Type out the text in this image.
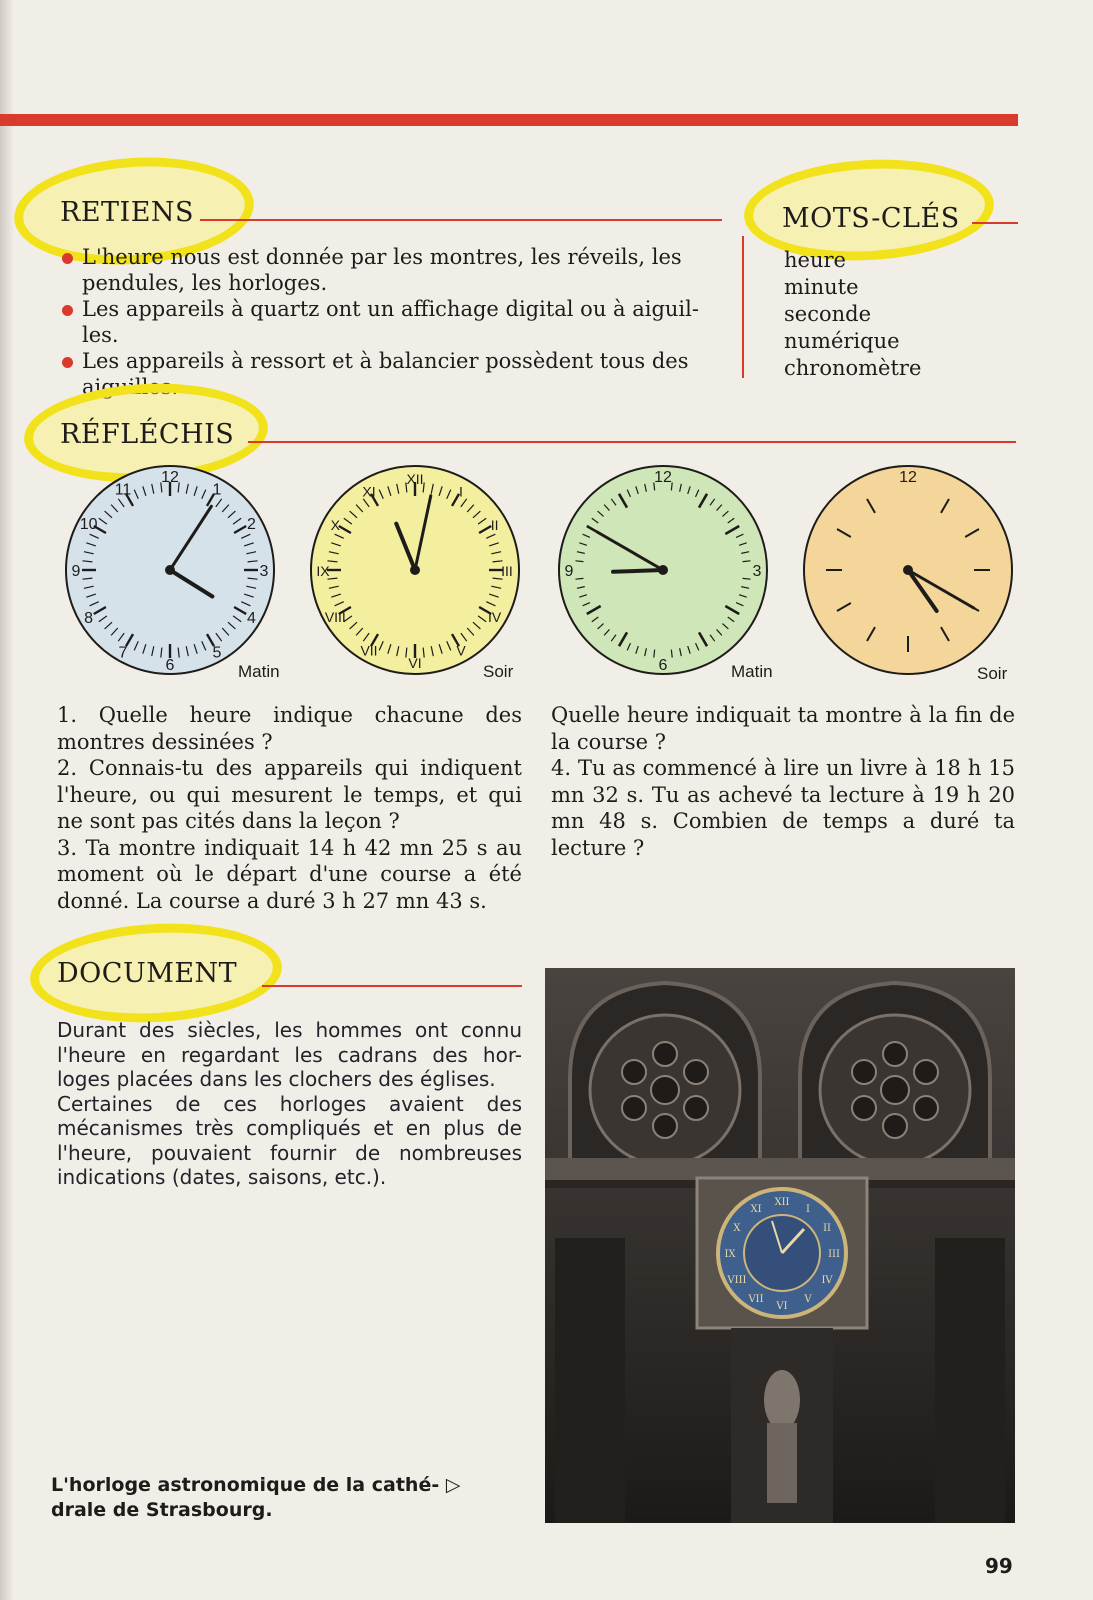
RETIENS
L'heure nous est donnée par les montres, les réveils, les pendules, les horloges.
Les appareils à quartz ont un affichage digital ou à aiguil-les.
Les appareils à ressort et à balancier possèdent tous des aiguilles.
MOTS-CLÉS
heure
minute
seconde
numérique
chronomètre
RÉFLÉCHIS
12
1
2
3
4
5
6
7
8
9
10
11
XII
I
II
III
IV
V
VI
VII
VIII
IX
X
XI
12
3
6
9
12
Matin	Soir	Matin	Soir

1. Quelle heure indique chacune des montres dessinées ?

2. Connais-tu des appareils qui indiquent l'heure, ou qui mesurent le temps, et qui ne sont pas cités dans la leçon ?

3. Ta montre indiquait 14 h 42 mn 25 s au moment où le départ d'une course a été donné. La course a duré 3 h 27 mn 43 s.

Quelle heure indiquait ta montre à la fin de la course ?

4. Tu as commencé à lire un livre à 18 h 15 mn 32 s. Tu as achevé ta lecture à 19 h 20 mn 48 s. Combien de temps a duré ta lecture ?

DOCUMENT

Durant des siècles, les hommes ont connu l'heure en regardant les cadrans des hor-loges placées dans les clochers des églises.

Certaines de ces horloges avaient des mécanismes très compliqués et en plus de l'heure, pouvaient fournir de nombreuses indications (dates, saisons, etc.).

L'horloge astronomique de la cathé- ▷
drale de Strasbourg.
XII
I
II
III
IV
V
VI
VII
VIII
IX
X
XI
99
